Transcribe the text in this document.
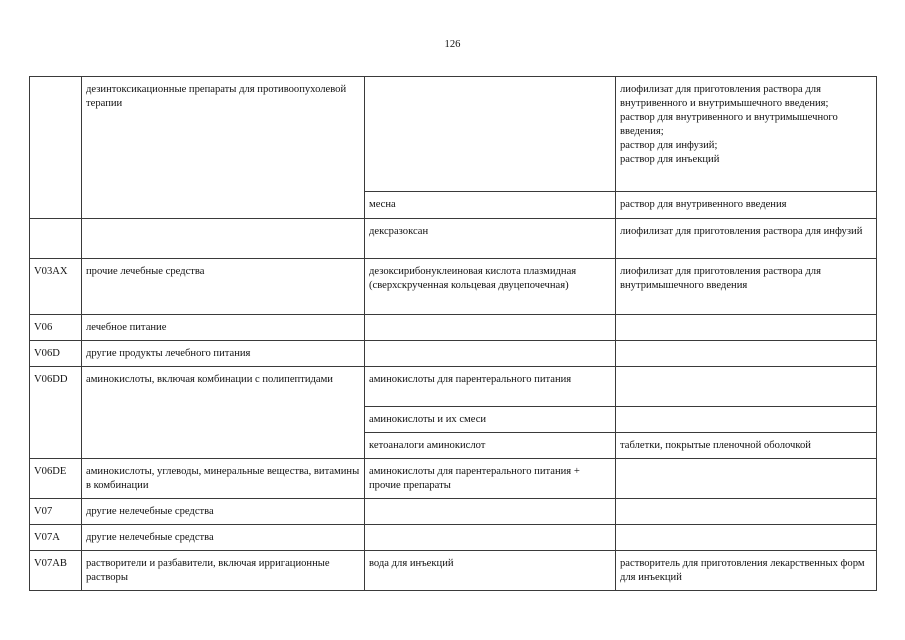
126
	дезинтоксикационные препараты для противоопухолевой терапии		лиофилизат для приготовления раствора для внутривенного и внутримышечного введения;
раствор для внутривенного и внутримышечного введения;
раствор для инфузий;
раствор для инъекций
		месна	раствор для внутривенного введения
		дексразоксан	лиофилизат для приготовления раствора для инфузий
V03AX	прочие лечебные средства	дезоксирибонуклеиновая кислота плазмидная (сверхскрученная кольцевая двуцепочечная)	лиофилизат для приготовления раствора для внутримышечного введения
V06	лечебное питание		
V06D	другие продукты лечебного питания		
V06DD	аминокислоты, включая комбинации с полипептидами	аминокислоты для парентерального питания	
		аминокислоты и их смеси	
		кетоаналоги аминокислот	таблетки, покрытые пленочной оболочкой
V06DE	аминокислоты, углеводы, минеральные вещества, витамины в комбинации	аминокислоты для парентерального питания + прочие препараты	
V07	другие нелечебные средства		
V07A	другие нелечебные средства		
V07AB	растворители и разбавители, включая ирригационные растворы	вода для инъекций	растворитель для приготовления лекарственных форм для инъекций
